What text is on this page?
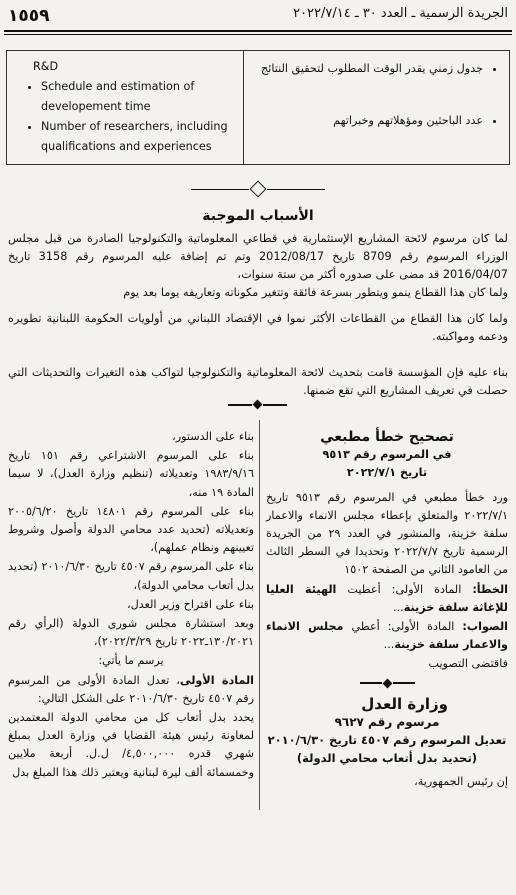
١٥٥٩	الجريدة الرسمية ـ العدد ٣٠ ـ ٢٠٢٢/٧/١٤
R&D
• Schedule and estimation of developement time
• Number of researchers, including qualifications and experiences

• جدول زمني يقدر الوقت المطلوب لتحقيق النتائج
• عدد الباحثين ومؤهلاتهم وخبراتهم
الأسباب الموجبة
لما كان مرسوم لائحة المشاريع الإستثمارية في قطاعي المعلوماتية والتكنولوجيا الصادرة من قبل مجلس الوزراء المرسوم رقم 8709 تاريخ 2012/08/17 وتم تم إضافة عليه المرسوم رقم 3158 تاريخ 2016/04/07 قد مضى على صدوره أكثر من ستة سنوات،
ولما كان هذا القطاع ينمو ويتطور بسرعة فائقة وتتغير مكوناته وتعاريفه يوما بعد يوم
ولما كان هذا القطاع من القطاعات الأكثر نموا في الإقتصاد اللبناني من أولويات الحكومة اللبنانية تطويره ودعمه ومواكبته.
بناء عليه فإن المؤسسة قامت بتحديث لائحة المعلوماتية والتكنولوجيا لتواكب هذه التغيرات والتحديثات التي حصلت في تعريف المشاريع التي تقع ضمنها.
تصحيح خطأ مطبعي
في المرسوم رقم ٩٥١٣
تاريخ ٢٠٢٢/٧/١

ورد خطأ مطبعي في المرسوم رقم ٩٥١٣ تاريخ ٢٠٢٢/٧/١ والمتعلق بإعطاء مجلس الانماء والاعمار سلفة خزينة، والمنشور في العدد ٢٩ من الجريدة الرسمية تاريخ ٢٠٢٢/٧/٧ وتحديدا في السطر الثالث من العامود الثاني من الصفحة ١٥٠٢

الخطأ: المادة الأولى: أعطيت الهيئة العليا للإغاثة سلفة خزينة...

الصواب: المادة الأولى: أعطي مجلس الانماء والاعمار سلفة خزينة...

فاقتضى التصويب

وزارة العدل
مرسوم رقم ٩٦٢٧
تعديل المرسوم رقم ٤٥٠٧ تاريخ ٢٠١٠/٦/٣٠
(تحديد بدل أتعاب محامي الدولة)

إن رئيس الجمهورية،

بناء على الدستور،

بناء على المرسوم الاشتراعي رقم ١٥١ تاريخ ١٩٨٣/٩/١٦ وتعديلاته (تنظيم وزارة العدل)، لا سيما المادة ١٩ منه،

بناء على المرسوم رقم ١٤٨٠١ تاريخ ٢٠٠٥/٦/٢٠ وتعديلاته (تحديد عدد محامي الدولة وأصول وشروط تعيينهم ونظام عملهم)،

بناء على المرسوم رقم ٤٥٠٧ تاريخ ٢٠١٠/٦/٣٠ (تحديد بدل أتعاب محامي الدولة)،

بناء على اقتراح وزير العدل،

وبعد استشارة مجلس شورى الدولة (الرأي رقم ١٣٠/٢٠٢١ـ٢٠٢٢ تاريخ ٢٠٢٢/٣/٢٩)،

يرسم ما يأتي:

المادة الأولى، تعدل المادة الأولى من المرسوم رقم ٤٥٠٧ تاريخ ٢٠١٠/٦/٣٠ على الشكل التالي:

يحدد بدل أتعاب كل من محامي الدولة المعتمدين لمعاونة رئيس هيئة القضايا في وزارة العدل بمبلغ شهري قدره ٤,٥٠٠,٠٠٠/ ل.ل. أربعة ملايين وخمسمائة ألف ليرة لبنانية ويعتبر ذلك هذا المبلغ بدل
